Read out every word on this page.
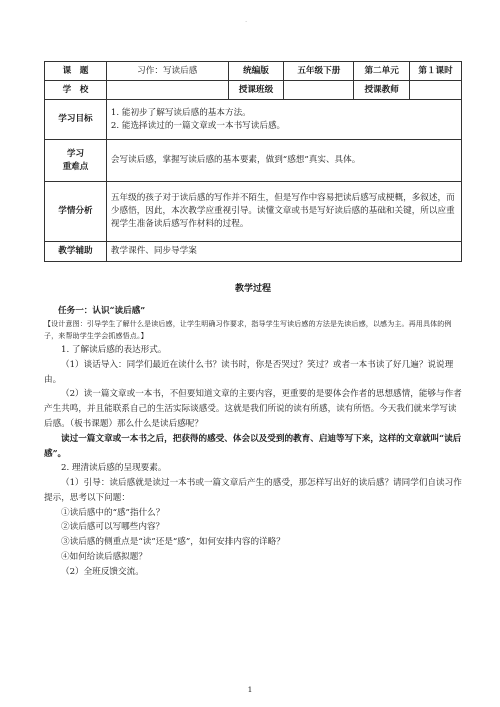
·
课　题	习作：写读后感	统编版	五年级下册	第二单元	第１课时
学　校		授课班级		授课教师	
学习目标	1. 能初步了解写读后感的基本方法。
2. 能选择读过的一篇文章或一本书写读后感。				

学习
重难点	会写读后感，掌握写读后感的基本要素，做到“感想”真实、具体。				
学情分析	五年级的孩子对于读后感的写作并不陌生，但是写作中容易把读后感写成梗概，多叙述，而少感悟，因此，本次教学应重视引导。读懂文章或书是写好读后感的基础和关键，所以应重视学生准备读后感写作材料的过程。				
教学辅助	教学课件、同步导学案				

教学过程

任务一：认识“读后感”

【设计意图：引导学生了解什么是读后感，让学生明确习作要求，指导学生写读后感的方法是先读后感，以感为主。再用具体的例子，来帮助学生学会抓感悟点。】

1. 了解读后感的表达形式。

（1）谈话导入：同学们最近在读什么书？读书时，你是否哭过？笑过？或者一本书读了好几遍？说说理由。

（2）读一篇文章或一本书，不但要知道文章的主要内容，更重要的是要体会作者的思想感情，能够与作者产生共鸣，并且能联系自己的生活实际谈感受。这就是我们所说的读有所感，读有所悟。今天我们就来学写读后感。（板书课题）那么什么是读后感呢？

读过一篇文章或一本书之后，把获得的感受、体会以及受到的教育、启迪等写下来，这样的文章就叫“读后感”。

2. 理清读后感的呈现要素。

（1）引导：读后感就是读过一本书或一篇文章后产生的感受，那怎样写出好的读后感？请同学们自读习作提示，思考以下问题：

①读后感中的“感”指什么？

②读后感可以写哪些内容？

③读后感的侧重点是“读”还是“感”，如何安排内容的详略？

④如何给读后感拟题？

（2）全班反馈交流。

1
